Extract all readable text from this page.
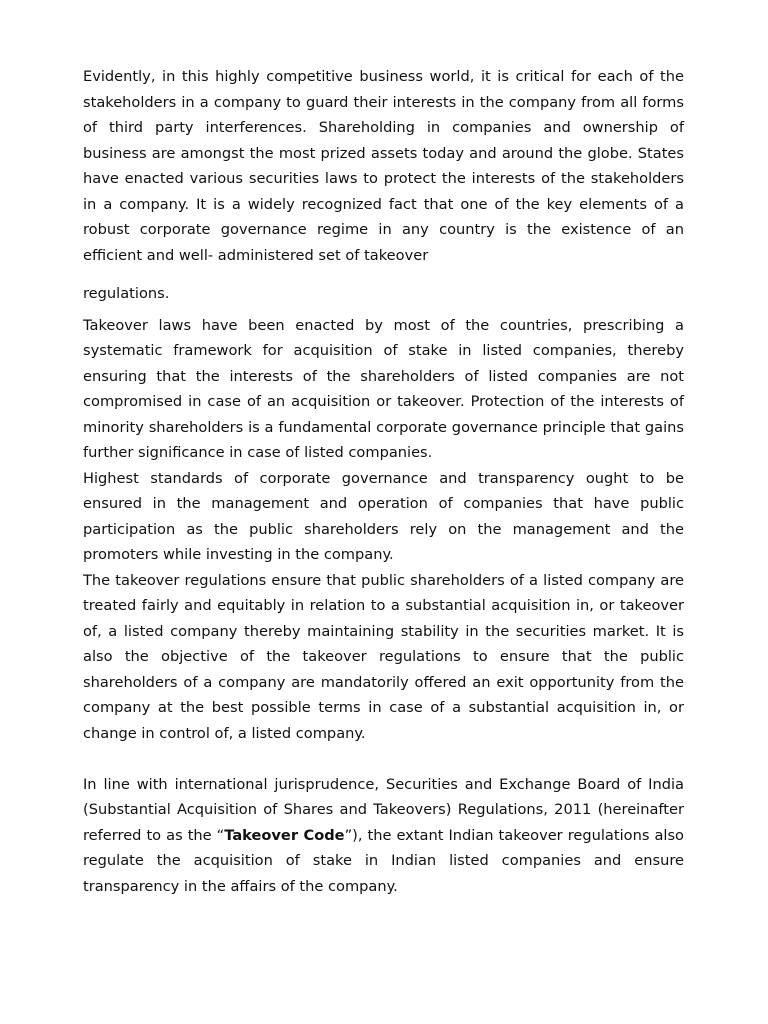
Evidently, in this highly competitive business world, it is critical for each of the stakeholders in a company to guard their interests in the company from all forms of third party interferences. Shareholding in companies and ownership of business are amongst the most prized assets today and around the globe. States have enacted various securities laws to protect the interests of the stakeholders in a company. It is a widely recognized fact that one of the key elements of a robust corporate governance regime in any country is the existence of an efficient and well- administered set of takeover

regulations.

Takeover laws have been enacted by most of the countries, prescribing a systematic framework for acquisition of stake in listed companies, thereby ensuring that the interests of the shareholders of listed companies are not compromised in case of an acquisition or takeover. Protection of the interests of minority shareholders is a fundamental corporate governance principle that gains further significance in case of listed companies.

Highest standards of corporate governance and transparency ought to be ensured in the management and operation of companies that have public participation as the public shareholders rely on the management and the promoters while investing in the company.

The takeover regulations ensure that public shareholders of a listed company are treated fairly and equitably in relation to a substantial acquisition in, or takeover of, a listed company thereby maintaining stability in the securities market. It is also the objective of the takeover regulations to ensure that the public shareholders of a company are mandatorily offered an exit opportunity from the company at the best possible terms in case of a substantial acquisition in, or change in control of, a listed company.

In line with international jurisprudence, Securities and Exchange Board of India (Substantial Acquisition of Shares and Takeovers) Regulations, 2011 (hereinafter referred to as the “Takeover Code”), the extant Indian takeover regulations also regulate the acquisition of stake in Indian listed companies and ensure transparency in the affairs of the company.
